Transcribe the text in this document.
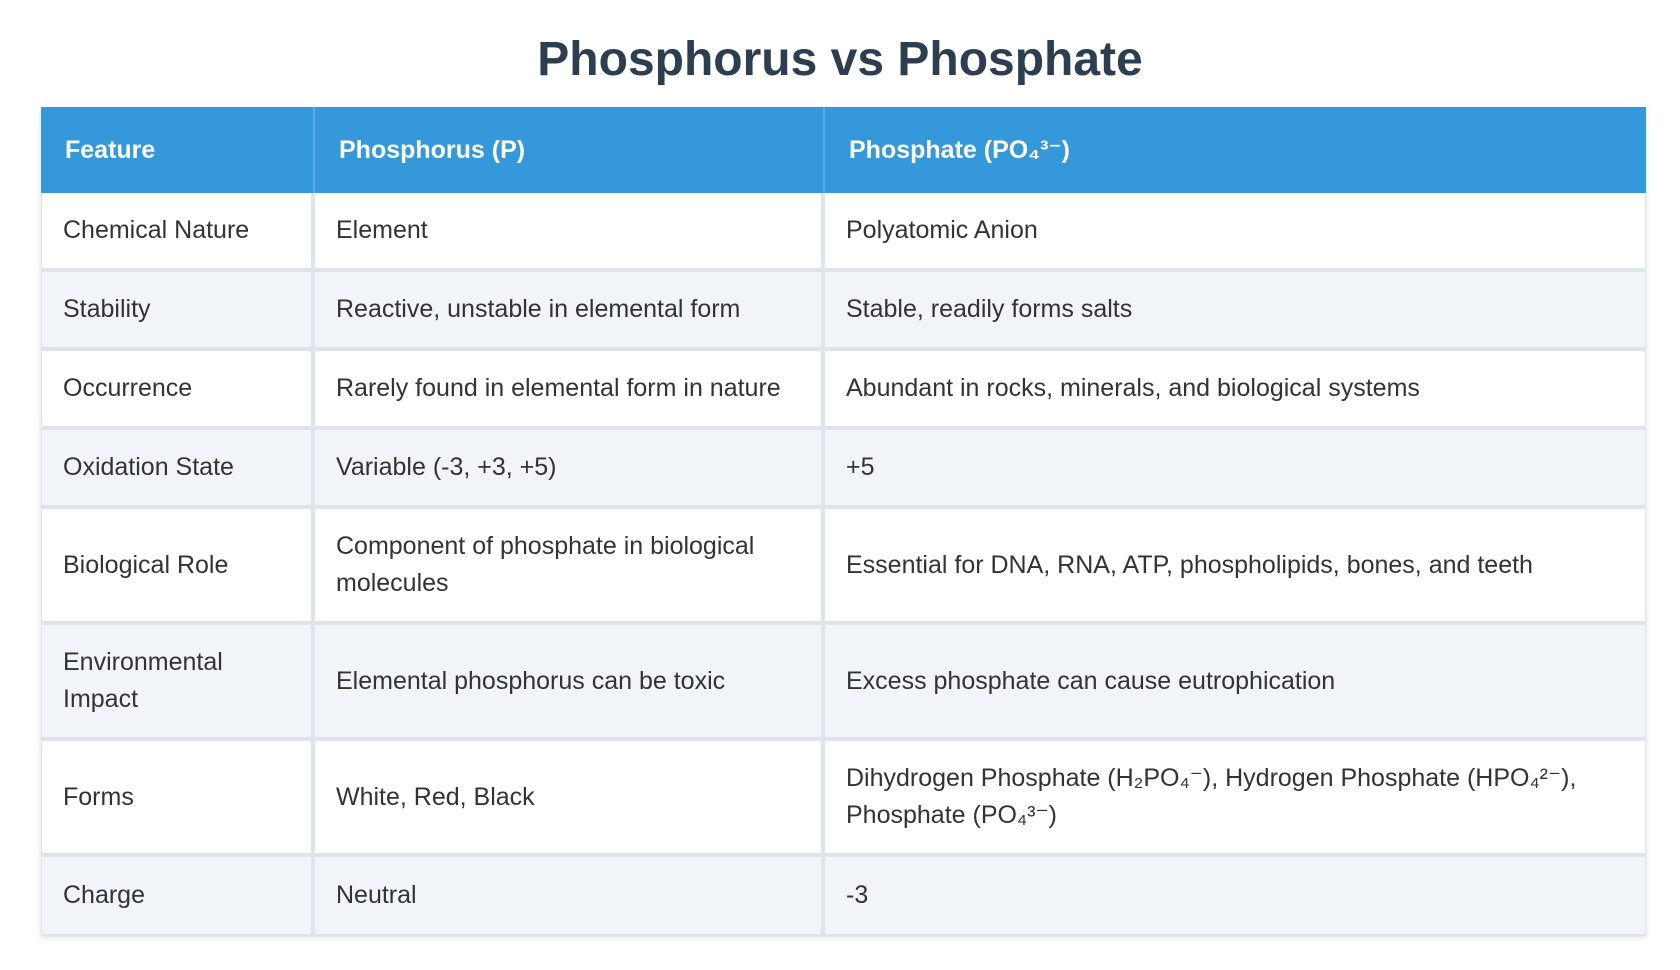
Phosphorus vs Phosphate
Feature	Phosphorus (P)	Phosphate (PO₄³⁻)
Chemical Nature	Element	Polyatomic Anion
Stability	Reactive, unstable in elemental form	Stable, readily forms salts
Occurrence	Rarely found in elemental form in nature	Abundant in rocks, minerals, and biological systems
Oxidation State	Variable (-3, +3, +5)	+5
Biological Role	Component of phosphate in biological molecules	Essential for DNA, RNA, ATP, phospholipids, bones, and teeth
Environmental Impact	Elemental phosphorus can be toxic	Excess phosphate can cause eutrophication
Forms	White, Red, Black	Dihydrogen Phosphate (H₂PO₄⁻), Hydrogen Phosphate (HPO₄²⁻), Phosphate (PO₄³⁻)
Charge	Neutral	-3
